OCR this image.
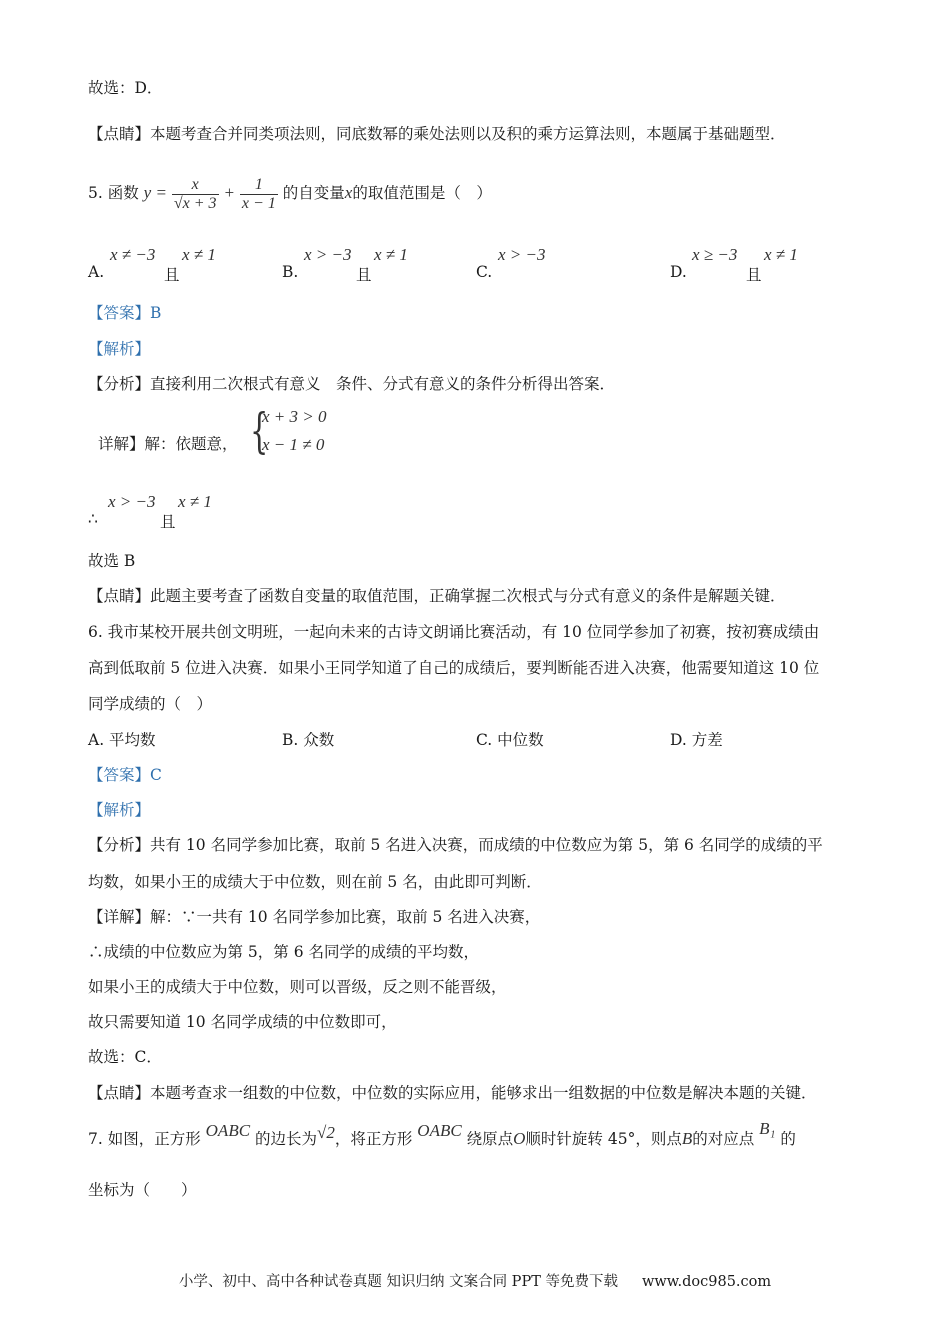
故选：D．
【点睛】本题考查合并同类项法则，同底数幂的乘处法则以及积的乘方运算法则，本题属于基础题型．
5. 函数 $y = \frac{x}{√x + 3} + \frac{1}{x - 1}$ 的自变量x的取值范围是（　）
A.
x ≠ −3
且
x ≠ 1
B.
x > −3
且
x ≠ 1
C.
x > −3
D.
x ≥ −3
且
x ≠ 1
【答案】B
【解析】
【分析】直接利用二次根式有意义　条件、分式有意义的条件分析得出答案．
详解】解：依题意， {
x + 3 > 0
x − 1 ≠ 0
∴
x > −3
且
x ≠ 1
故选 B
【点睛】此题主要考查了函数自变量的取值范围，正确掌握二次根式与分式有意义的条件是解题关键．
6. 我市某校开展共创文明班，一起向未来的古诗文朗诵比赛活动，有 10 位同学参加了初赛，按初赛成绩由
高到低取前 5 位进入决赛．如果小王同学知道了自己的成绩后，要判断能否进入决赛，他需要知道这 10 位
同学成绩的（　）
A. 平均数	B. 众数	C. 中位数	D. 方差
【答案】C
【解析】
【分析】共有 10 名同学参加比赛，取前 5 名进入决赛，而成绩的中位数应为第 5，第 6 名同学的成绩的平
均数，如果小王的成绩大于中位数，则在前 5 名，由此即可判断．
【详解】解：∵一共有 10 名同学参加比赛，取前 5 名进入决赛，
∴成绩的中位数应为第 5，第 6 名同学的成绩的平均数，
如果小王的成绩大于中位数，则可以晋级，反之则不能晋级，
故只需要知道 10 名同学成绩的中位数即可，
故选：C．
【点睛】本题考查求一组数的中位数，中位数的实际应用，能够求出一组数据的中位数是解决本题的关键．
7. 如图，正方形 OABC 的边长为√2，将正方形 OABC 绕原点O顺时针旋转 45°，则点B的对应点 B₁ 的
坐标为（　　）
小学、初中、高中各种试卷真题 知识归纳 文案合同 PPT 等免费下载 www.doc985.com
